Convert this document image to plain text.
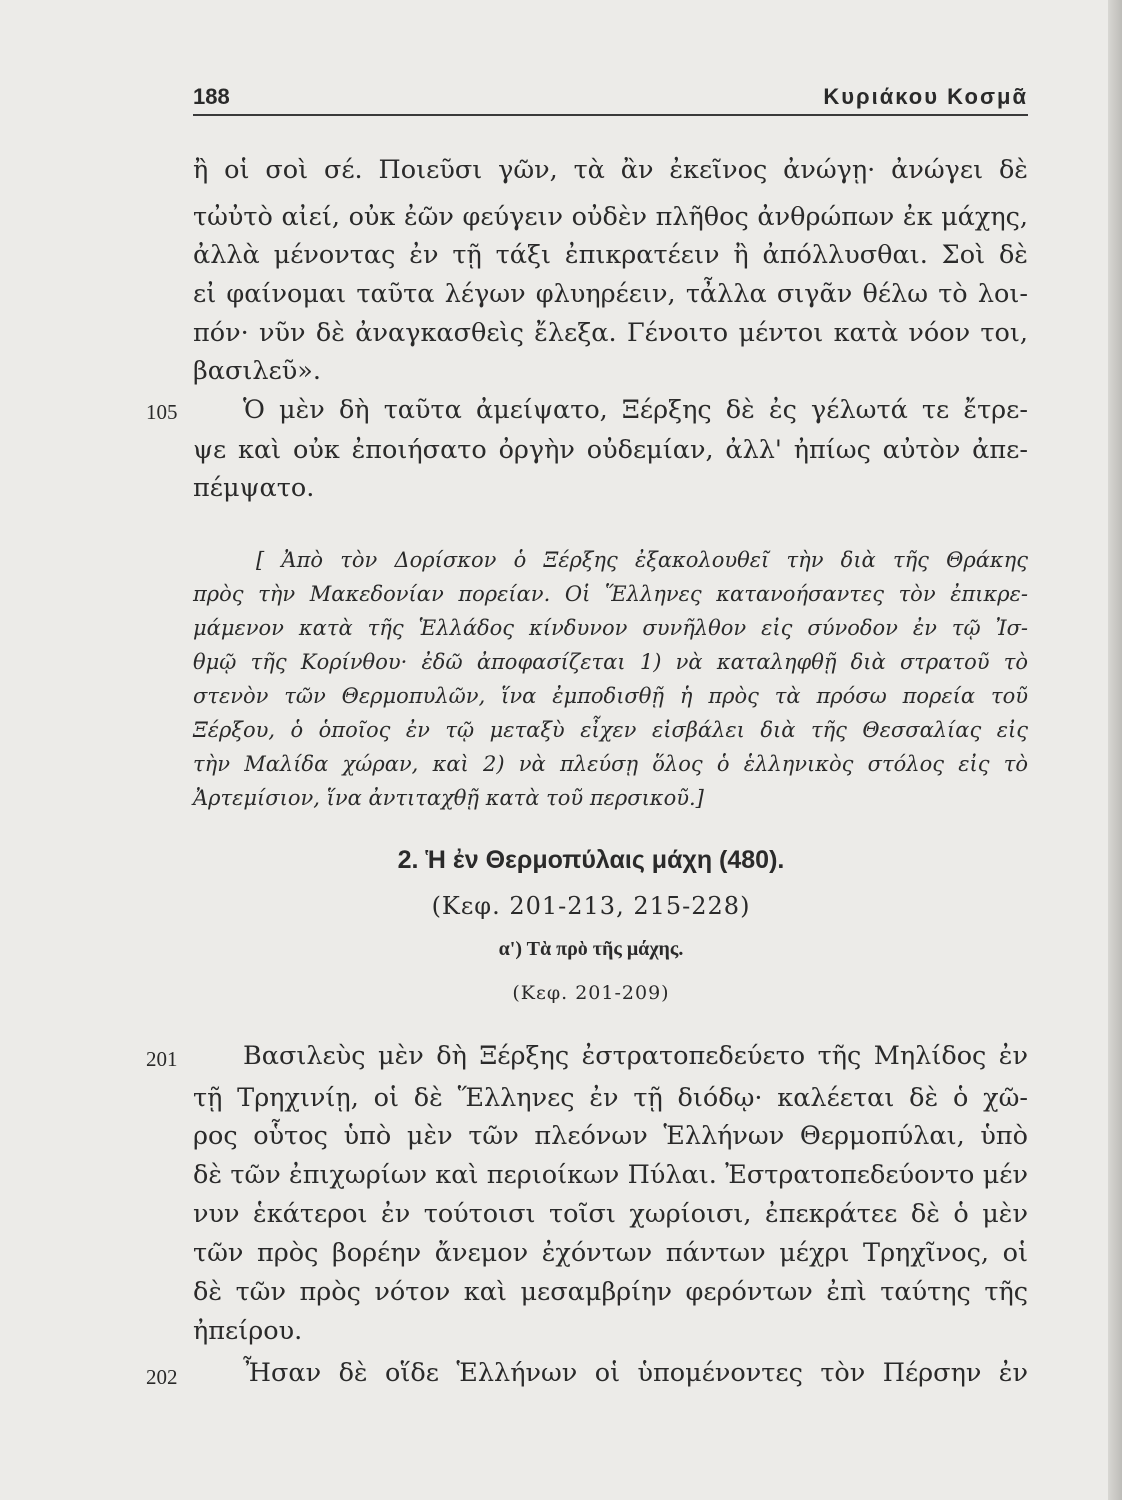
188	Κυριάκου Κοσμᾶ
ἢ οἱ σοὶ σέ. Ποιεῦσι γῶν, τὰ ἂν ἐκεῖνος ἀνώγῃ· ἀνώγει δὲ
τὠὐτὸ αἰεί, οὐκ ἐῶν φεύγειν οὐδὲν πλῆθος ἀνθρώπων ἐκ μάχης,
ἀλλὰ μένοντας ἐν τῇ τάξι ἐπικρατέειν ἢ ἀπόλλυσθαι. Σοὶ δὲ
εἰ φαίνομαι ταῦτα λέγων φλυηρέειν, τἆλλα σιγᾶν θέλω τὸ λοι-
πόν· νῦν δὲ ἀναγκασθεὶς ἔλεξα. Γένοιτο μέντοι κατὰ νόον τοι,
βασιλεῦ».
105	Ὁ μὲν δὴ ταῦτα ἀμείψατο, Ξέρξης δὲ ἐς γέλωτά τε ἔτρε-
ψε καὶ οὐκ ἐποιήσατο ὀργὴν οὐδεμίαν, ἀλλ' ἠπίως αὐτὸν ἀπε-
πέμψατο.
[ Ἀπὸ τὸν Δορίσκον ὁ Ξέρξης ἐξακολουθεῖ τὴν διὰ τῆς Θράκης
πρὸς τὴν Μακεδονίαν πορείαν. Οἱ Ἕλληνες κατανοήσαντες τὸν ἐπικρε-
μάμενον κατὰ τῆς Ἑλλάδος κίνδυνον συνῆλθον εἰς σύνοδον ἐν τῷ Ἰσ-
θμῷ τῆς Κορίνθου· ἐδῶ ἀποφασίζεται 1) νὰ καταληφθῇ διὰ στρατοῦ τὸ
στενὸν τῶν Θερμοπυλῶν, ἵνα ἐμποδισθῇ ἡ πρὸς τὰ πρόσω πορεία τοῦ
Ξέρξου, ὁ ὁποῖος ἐν τῷ μεταξὺ εἶχεν εἰσβάλει διὰ τῆς Θεσσαλίας εἰς
τὴν Μαλίδα χώραν, καὶ 2) νὰ πλεύσῃ ὅλος ὁ ἑλληνικὸς στόλος εἰς τὸ
Ἀρτεμίσιον, ἵνα ἀντιταχθῇ κατὰ τοῦ περσικοῦ.]
2. Ἡ ἐν Θερμοπύλαις μάχη (480).
(Κεφ. 201-213, 215-228)
α') Τὰ πρὸ τῆς μάχης.
(Κεφ. 201-209)
201	Βασιλεὺς μὲν δὴ Ξέρξης ἐστρατοπεδεύετο τῆς Μηλίδος ἐν
τῇ Τρηχινίῃ, οἱ δὲ Ἕλληνες ἐν τῇ διόδῳ· καλέεται δὲ ὁ χῶ-
ρος οὗτος ὑπὸ μὲν τῶν πλεόνων Ἑλλήνων Θερμοπύλαι, ὑπὸ
δὲ τῶν ἐπιχωρίων καὶ περιοίκων Πύλαι. Ἐστρατοπεδεύοντο μέν
νυν ἑκάτεροι ἐν τούτοισι τοῖσι χωρίοισι, ἐπεκράτεε δὲ ὁ μὲν
τῶν πρὸς βορέην ἄνεμον ἐχόντων πάντων μέχρι Τρηχῖνος, οἱ
δὲ τῶν πρὸς νότον καὶ μεσαμβρίην φερόντων ἐπὶ ταύτης τῆς
ἠπείρου.
202	Ἦσαν δὲ οἵδε Ἑλλήνων οἱ ὑπομένοντες τὸν Πέρσην ἐν
